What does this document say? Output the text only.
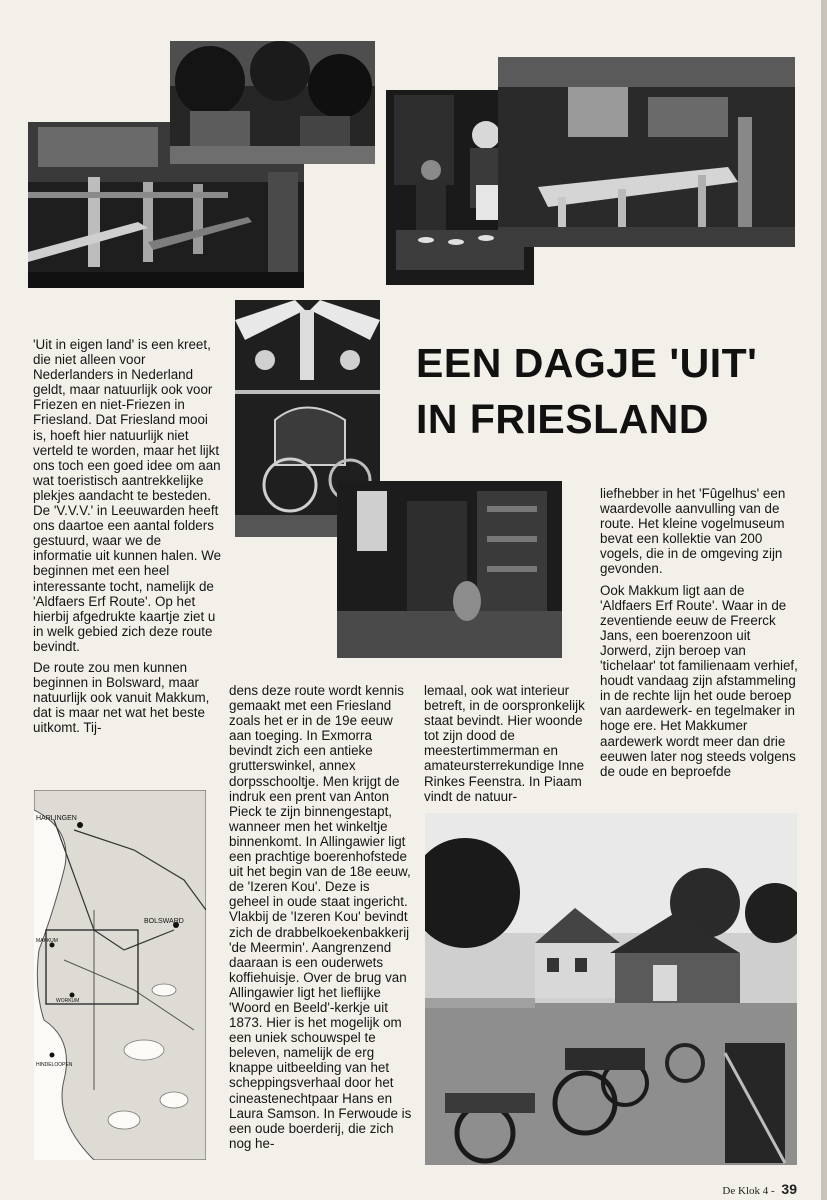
EEN DAGJE 'UIT'
IN FRIESLAND

'Uit in eigen land' is een kreet, die niet alleen voor Nederlanders in Nederland geldt, maar natuurlijk ook voor Friezen en niet-Friezen in Friesland. Dat Friesland mooi is, hoeft hier natuurlijk niet verteld te worden, maar het lijkt ons toch een goed idee om aan wat toeristisch aantrekkelijke plekjes aandacht te besteden. De 'V.V.V.' in Leeuwarden heeft ons daartoe een aantal folders gestuurd, waar we de informatie uit kunnen halen. We beginnen met een heel interessante tocht, namelijk de 'Aldfaers Erf Route'. Op het hierbij afgedrukte kaartje ziet u in welk gebied zich deze route bevindt.

De route zou men kunnen beginnen in Bolsward, maar natuurlijk ook vanuit Makkum, dat is maar net wat het beste uitkomt. Tij-

dens deze route wordt kennis gemaakt met een Friesland zoals het er in de 19e eeuw aan toeging. In Exmorra bevindt zich een antieke grutterswinkel, annex dorpsschooltje. Men krijgt de indruk een prent van Anton Pieck te zijn binnengestapt, wanneer men het winkeltje binnenkomt. In Allingawier ligt een prachtige boerenhofstede uit het begin van de 18e eeuw, de 'Izeren Kou'. Deze is geheel in oude staat ingericht. Vlakbij de 'Izeren Kou' bevindt zich de drabbelkoekenbakkerij 'de Meermin'. Aangrenzend daaraan is een ouderwets koffiehuisje. Over de brug van Allingawier ligt het lieflijke 'Woord en Beeld'-kerkje uit 1873. Hier is het mogelijk om een uniek schouwspel te beleven, namelijk de erg knappe uitbeelding van het scheppingsverhaal door het cineastenechtpaar Hans en Laura Samson. In Ferwoude is een oude boerderij, die zich nog he-

lemaal, ook wat interieur betreft, in de oorspronkelijk staat bevindt. Hier woonde tot zijn dood de meestertimmerman en amateursterrekundige Inne Rinkes Feenstra. In Piaam vindt de natuur-

liefhebber in het 'Fûgelhus' een waardevolle aanvulling van de route. Het kleine vogelmuseum bevat een kollektie van 200 vogels, die in de omgeving zijn gevonden.

Ook Makkum ligt aan de 'Aldfaers Erf Route'. Waar in de zeventiende eeuw de Freerck Jans, een boerenzoon uit Jorwerd, zijn beroep van 'tichelaar' tot familienaam verhief, houdt vandaag zijn afstammeling in de rechte lijn het oude beroep van aardewerk- en tegelmaker in hoge ere. Het Makkumer aardewerk wordt meer dan drie eeuwen later nog steeds volgens de oude en beproefde

HARLINGEN
BOLSWARD
MAKKUM
WORKUM
HINDELOOPEN
De Klok 4 - 39
